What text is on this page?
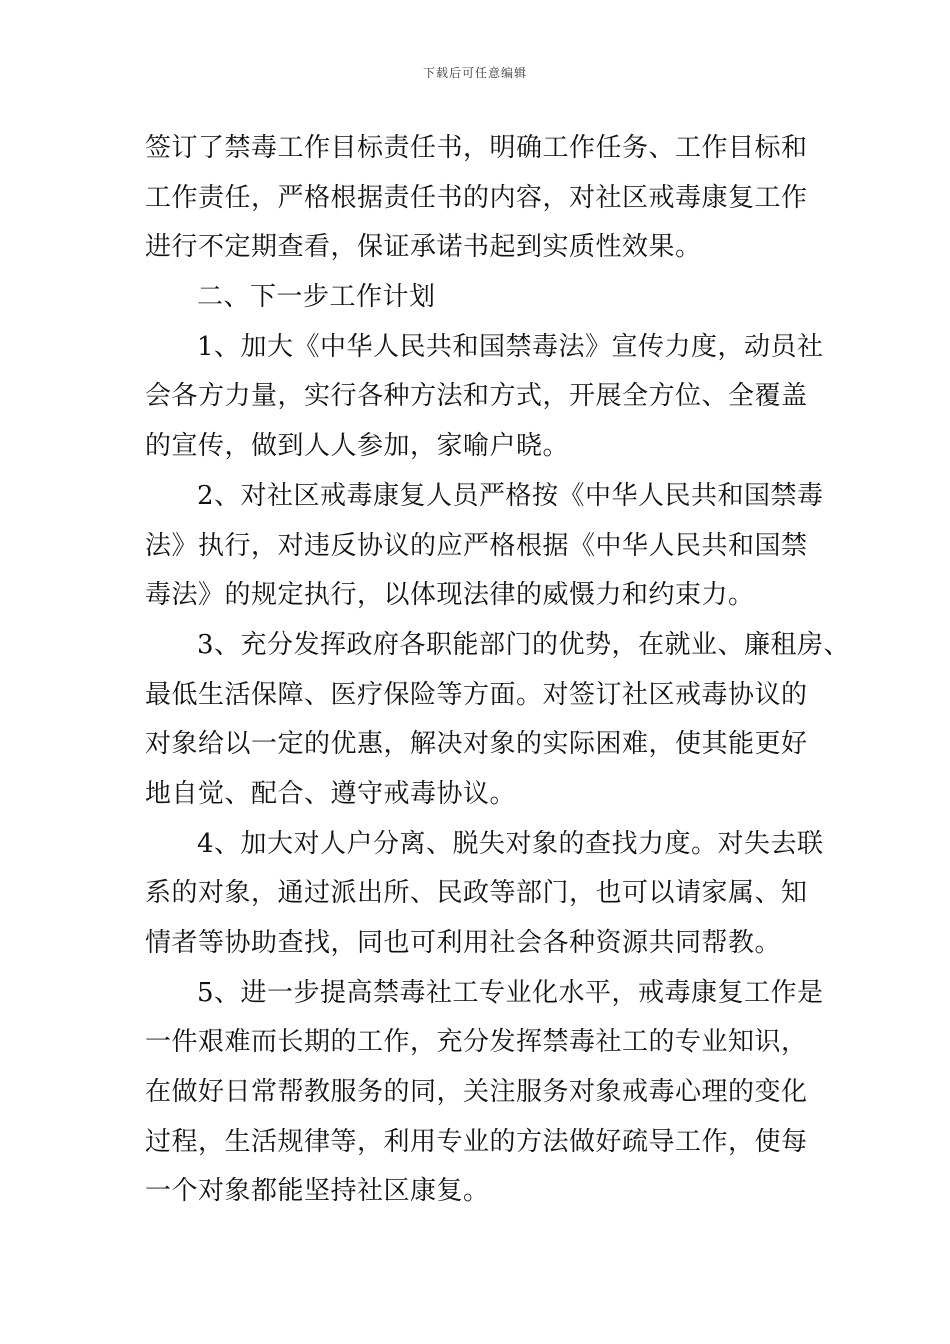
下载后可任意编辑
签订了禁毒工作目标责任书，明确工作任务、工作目标和
工作责任，严格根据责任书的内容，对社区戒毒康复工作
进行不定期查看，保证承诺书起到实质性效果。
二、下一步工作计划
1、加大《中华人民共和国禁毒法》宣传力度，动员社
会各方力量，实行各种方法和方式，开展全方位、全覆盖
的宣传，做到人人参加，家喻户晓。
2、对社区戒毒康复人员严格按《中华人民共和国禁毒
法》执行，对违反协议的应严格根据《中华人民共和国禁
毒法》的规定执行，以体现法律的威慑力和约束力。
3、充分发挥政府各职能部门的优势，在就业、廉租房、
最低生活保障、医疗保险等方面。对签订社区戒毒协议的
对象给以一定的优惠，解决对象的实际困难，使其能更好
地自觉、配合、遵守戒毒协议。
4、加大对人户分离、脱失对象的查找力度。对失去联
系的对象，通过派出所、民政等部门，也可以请家属、知
情者等协助查找，同也可利用社会各种资源共同帮教。
5、进一步提高禁毒社工专业化水平，戒毒康复工作是
一件艰难而长期的工作，充分发挥禁毒社工的专业知识，
在做好日常帮教服务的同，关注服务对象戒毒心理的变化
过程，生活规律等，利用专业的方法做好疏导工作，使每
一个对象都能坚持社区康复。
